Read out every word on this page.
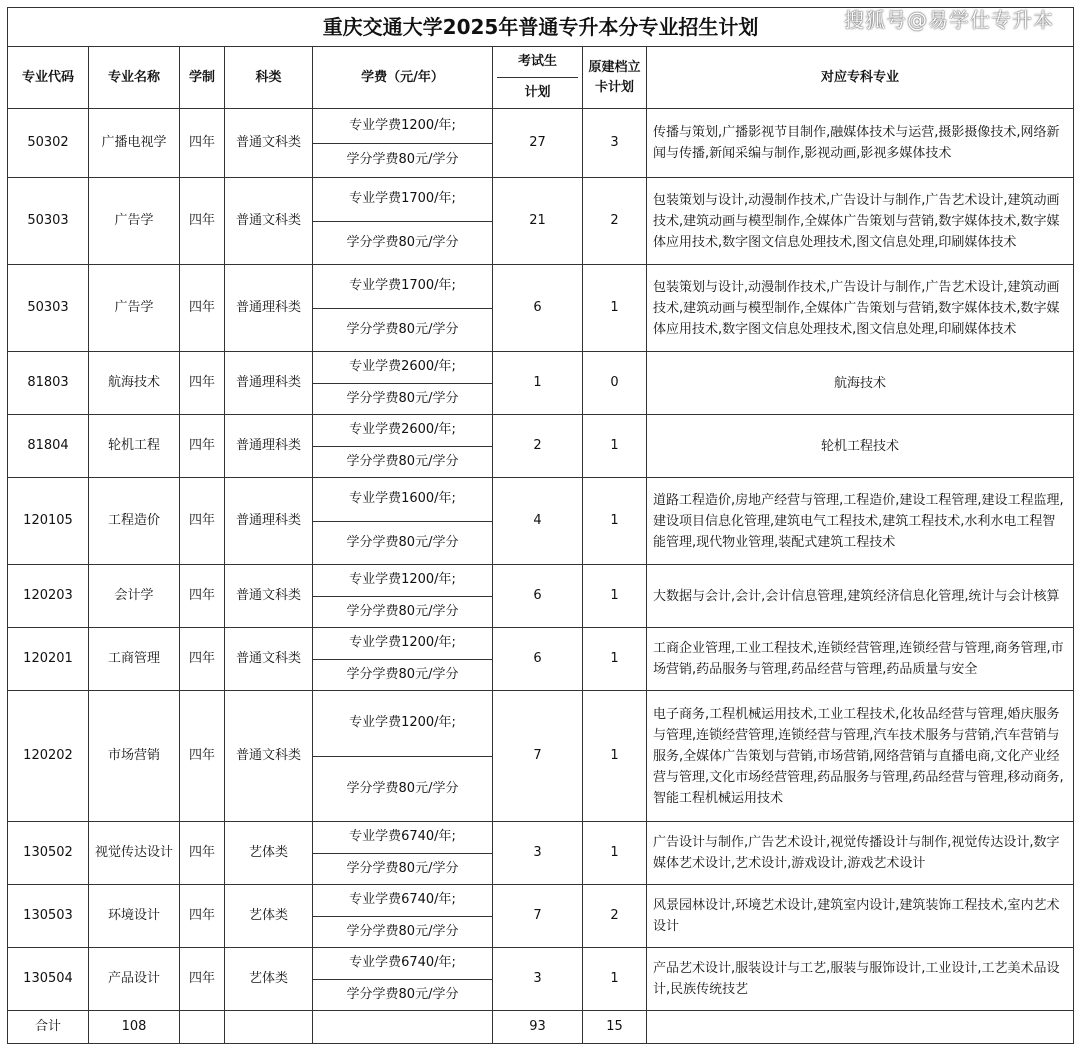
搜狐号@易学仕专升本
重庆交通大学2025年普通专升本分专业招生计划							
专业代码	专业名称	学制	科类	学费（元/年）	考试生
计划	原建档立卡计划	对应专科专业
50302	广播电视学	四年	普通文科类	专业学费1200/年;
学分学费80元/学分	27	3	传播与策划,广播影视节目制作,融媒体技术与运营,摄影摄像技术,网络新闻与传播,新闻采编与制作,影视动画,影视多媒体技术
50303	广告学	四年	普通文科类	专业学费1700/年;
学分学费80元/学分	21	2	包装策划与设计,动漫制作技术,广告设计与制作,广告艺术设计,建筑动画技术,建筑动画与模型制作,全媒体广告策划与营销,数字媒体技术,数字媒体应用技术,数字图文信息处理技术,图文信息处理,印刷媒体技术
50303	广告学	四年	普通理科类	专业学费1700/年;
学分学费80元/学分	6	1	包装策划与设计,动漫制作技术,广告设计与制作,广告艺术设计,建筑动画技术,建筑动画与模型制作,全媒体广告策划与营销,数字媒体技术,数字媒体应用技术,数字图文信息处理技术,图文信息处理,印刷媒体技术
81803	航海技术	四年	普通理科类	专业学费2600/年;
学分学费80元/学分	1	0	航海技术
81804	轮机工程	四年	普通理科类	专业学费2600/年;
学分学费80元/学分	2	1	轮机工程技术
120105	工程造价	四年	普通理科类	专业学费1600/年;
学分学费80元/学分	4	1	道路工程造价,房地产经营与管理,工程造价,建设工程管理,建设工程监理,建设项目信息化管理,建筑电气工程技术,建筑工程技术,水利水电工程智能管理,现代物业管理,装配式建筑工程技术
120203	会计学	四年	普通文科类	专业学费1200/年;
学分学费80元/学分	6	1	大数据与会计,会计,会计信息管理,建筑经济信息化管理,统计与会计核算
120201	工商管理	四年	普通文科类	专业学费1200/年;
学分学费80元/学分	6	1	工商企业管理,工业工程技术,连锁经营管理,连锁经营与管理,商务管理,市场营销,药品服务与管理,药品经营与管理,药品质量与安全
120202	市场营销	四年	普通文科类	专业学费1200/年;
学分学费80元/学分	7	1	电子商务,工程机械运用技术,工业工程技术,化妆品经营与管理,婚庆服务与管理,连锁经营管理,连锁经营与管理,汽车技术服务与营销,汽车营销与服务,全媒体广告策划与营销,市场营销,网络营销与直播电商,文化产业经营与管理,文化市场经营管理,药品服务与管理,药品经营与管理,移动商务,智能工程机械运用技术
130502	视觉传达设计	四年	艺体类	专业学费6740/年;
学分学费80元/学分	3	1	广告设计与制作,广告艺术设计,视觉传播设计与制作,视觉传达设计,数字媒体艺术设计,艺术设计,游戏设计,游戏艺术设计
130503	环境设计	四年	艺体类	专业学费6740/年;
学分学费80元/学分	7	2	风景园林设计,环境艺术设计,建筑室内设计,建筑装饰工程技术,室内艺术设计
130504	产品设计	四年	艺体类	专业学费6740/年;
学分学费80元/学分	3	1	产品艺术设计,服装设计与工艺,服装与服饰设计,工业设计,工艺美术品设计,民族传统技艺
合计	108				93	15	
